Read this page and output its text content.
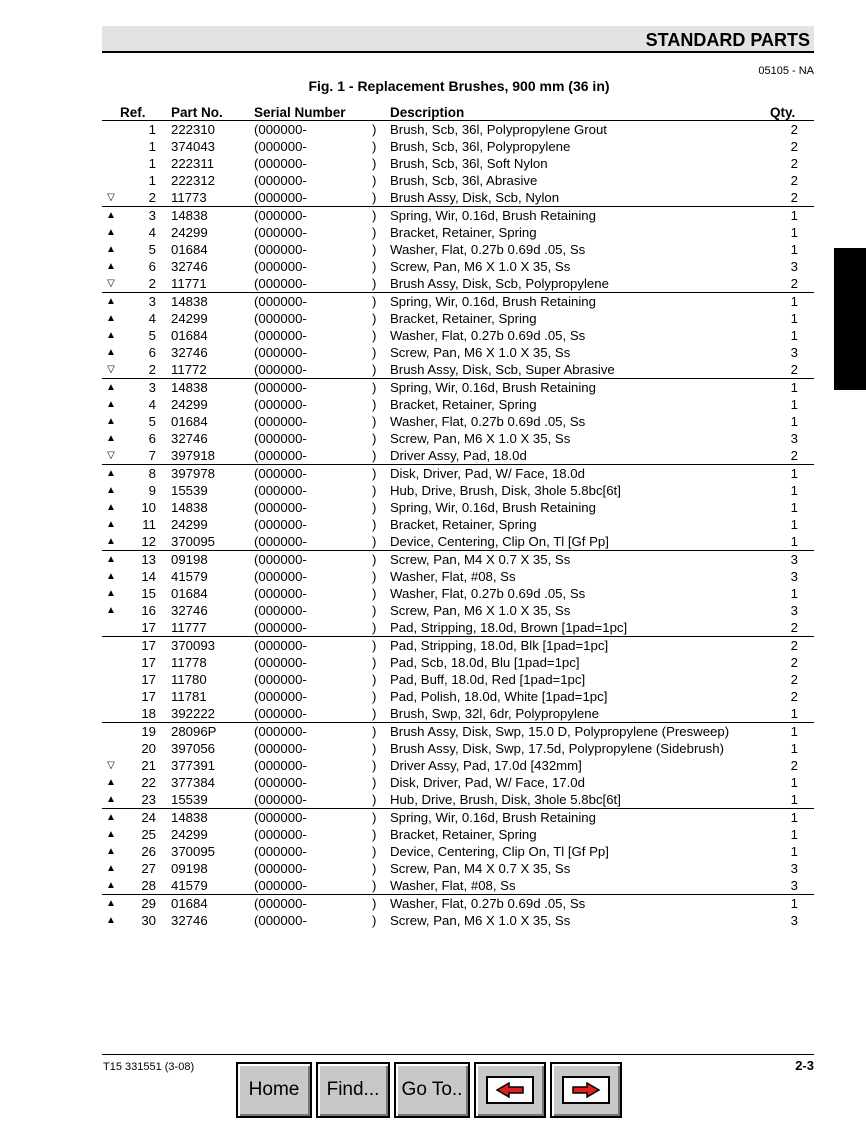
STANDARD PARTS
05105 - NA
Fig. 1 - Replacement Brushes, 900 mm (36 in)
	Ref.	Part No.	Serial Number		Description	Qty.
	1	222310	(000000-	)	Brush, Scb, 36l, Polypropylene Grout	2
	1	374043	(000000-	)	Brush, Scb, 36l, Polypropylene	2
	1	222311	(000000-	)	Brush, Scb, 36l, Soft Nylon	2
	1	222312	(000000-	)	Brush, Scb, 36l, Abrasive	2
▽	2	11773	(000000-	)	Brush Assy, Disk, Scb, Nylon	2
▲	3	14838	(000000-	)	Spring, Wir, 0.16d, Brush Retaining	1
▲	4	24299	(000000-	)	Bracket, Retainer, Spring	1
▲	5	01684	(000000-	)	Washer, Flat, 0.27b 0.69d .05, Ss	1
▲	6	32746	(000000-	)	Screw, Pan, M6 X 1.0 X 35, Ss	3
▽	2	11771	(000000-	)	Brush Assy, Disk, Scb, Polypropylene	2
▲	3	14838	(000000-	)	Spring, Wir, 0.16d, Brush Retaining	1
▲	4	24299	(000000-	)	Bracket, Retainer, Spring	1
▲	5	01684	(000000-	)	Washer, Flat, 0.27b 0.69d .05, Ss	1
▲	6	32746	(000000-	)	Screw, Pan, M6 X 1.0 X 35, Ss	3
▽	2	11772	(000000-	)	Brush Assy, Disk, Scb, Super Abrasive	2
▲	3	14838	(000000-	)	Spring, Wir, 0.16d, Brush Retaining	1
▲	4	24299	(000000-	)	Bracket, Retainer, Spring	1
▲	5	01684	(000000-	)	Washer, Flat, 0.27b 0.69d .05, Ss	1
▲	6	32746	(000000-	)	Screw, Pan, M6 X 1.0 X 35, Ss	3
▽	7	397918	(000000-	)	Driver Assy, Pad, 18.0d	2
▲	8	397978	(000000-	)	Disk, Driver, Pad, W/ Face, 18.0d	1
▲	9	15539	(000000-	)	Hub, Drive, Brush, Disk, 3hole 5.8bc[6t]	1
▲	10	14838	(000000-	)	Spring, Wir, 0.16d, Brush Retaining	1
▲	11	24299	(000000-	)	Bracket, Retainer, Spring	1
▲	12	370095	(000000-	)	Device, Centering, Clip On, Tl [Gf Pp]	1
▲	13	09198	(000000-	)	Screw, Pan, M4 X 0.7 X 35, Ss	3
▲	14	41579	(000000-	)	Washer, Flat, #08, Ss	3
▲	15	01684	(000000-	)	Washer, Flat, 0.27b 0.69d .05, Ss	1
▲	16	32746	(000000-	)	Screw, Pan, M6 X 1.0 X 35, Ss	3
	17	11777	(000000-	)	Pad, Stripping, 18.0d, Brown [1pad=1pc]	2
	17	370093	(000000-	)	Pad, Stripping, 18.0d, Blk [1pad=1pc]	2
	17	11778	(000000-	)	Pad, Scb, 18.0d, Blu [1pad=1pc]	2
	17	11780	(000000-	)	Pad, Buff, 18.0d, Red [1pad=1pc]	2
	17	11781	(000000-	)	Pad, Polish, 18.0d, White [1pad=1pc]	2
	18	392222	(000000-	)	Brush, Swp, 32l, 6dr, Polypropylene	1
	19	28096P	(000000-	)	Brush Assy, Disk, Swp, 15.0 D, Polypropylene (Presweep)	1
	20	397056	(000000-	)	Brush Assy, Disk, Swp, 17.5d, Polypropylene (Sidebrush)	1
▽	21	377391	(000000-	)	Driver Assy, Pad, 17.0d [432mm]	2
▲	22	377384	(000000-	)	Disk, Driver, Pad, W/ Face, 17.0d	1
▲	23	15539	(000000-	)	Hub, Drive, Brush, Disk, 3hole 5.8bc[6t]	1
▲	24	14838	(000000-	)	Spring, Wir, 0.16d, Brush Retaining	1
▲	25	24299	(000000-	)	Bracket, Retainer, Spring	1
▲	26	370095	(000000-	)	Device, Centering, Clip On, Tl [Gf Pp]	1
▲	27	09198	(000000-	)	Screw, Pan, M4 X 0.7 X 35, Ss	3
▲	28	41579	(000000-	)	Washer, Flat, #08, Ss	3
▲	29	01684	(000000-	)	Washer, Flat, 0.27b 0.69d .05, Ss	1
▲	30	32746	(000000-	)	Screw, Pan, M6 X 1.0 X 35, Ss	3
T15 331551 (3-08)	2-3
Home Find... Go To..
